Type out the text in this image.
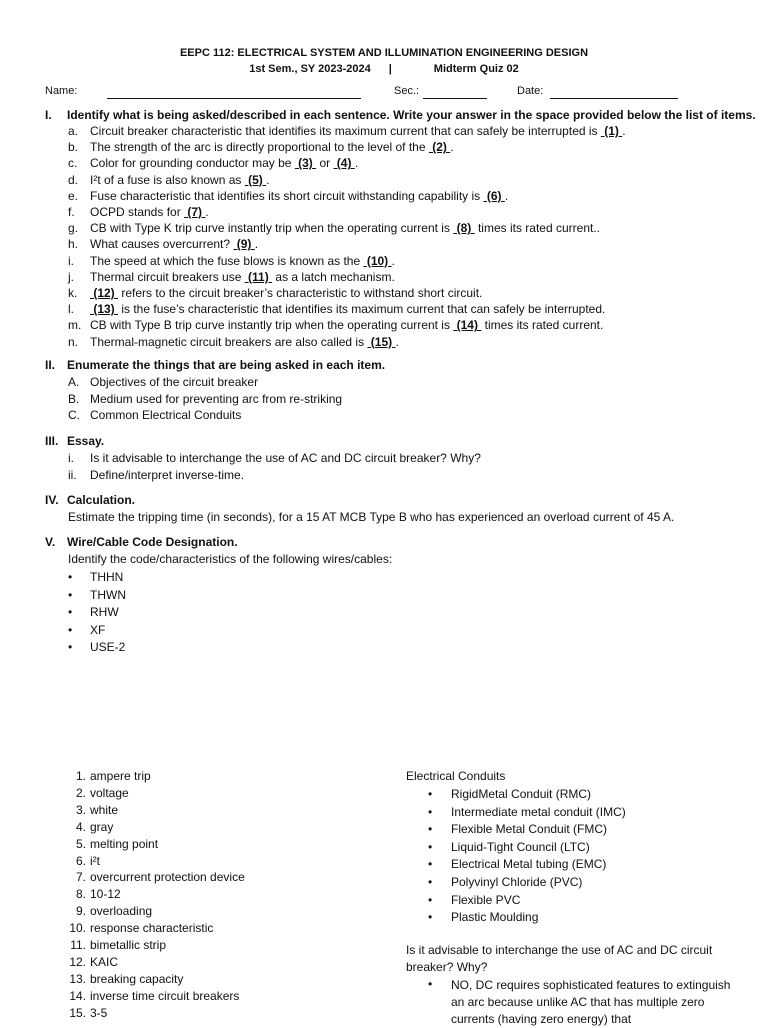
EEPC 112: ELECTRICAL SYSTEM AND ILLUMINATION ENGINEERING DESIGN
1st Sem., SY 2023-2024 |	Midterm Quiz 02
Name:	Sec.:	Date:
I. Identify what is being asked/described in each sentence. Write your answer in the space provided below the list of items.
a. Circuit breaker characteristic that identifies its maximum current that can safely be interrupted is  (1) .
b. The strength of the arc is directly proportional to the level of the  (2) .
c. Color for grounding conductor may be  (3)  or  (4) .
d. I²t of a fuse is also known as  (5) .
e. Fuse characteristic that identifies its short circuit withstanding capability is  (6) .
f. OCPD stands for  (7) .
g. CB with Type K trip curve instantly trip when the operating current is  (8)  times its rated current..
h. What causes overcurrent?  (9) .
i. The speed at which the fuse blows is known as the  (10) .
j. Thermal circuit breakers use  (11)  as a latch mechanism.
k. (12)  refers to the circuit breaker’s characteristic to withstand short circuit.
l. (13)  is the fuse’s characteristic that identifies its maximum current that can safely be interrupted.
m. CB with Type B trip curve instantly trip when the operating current is  (14)  times its rated current.
n. Thermal-magnetic circuit breakers are also called is  (15) .
II. Enumerate the things that are being asked in each item.
A. Objectives of the circuit breaker
B. Medium used for preventing arc from re-striking
C. Common Electrical Conduits
III. Essay.
i. Is it advisable to interchange the use of AC and DC circuit breaker? Why?
ii. Define/interpret inverse-time.
IV. Calculation.
Estimate the tripping time (in seconds), for a 15 AT MCB Type B who has experienced an overload current of 45 A.
V. Wire/Cable Code Designation.
Identify the code/characteristics of the following wires/cables:
• THHN
• THWN
• RHW
• XF
• USE-2
1. ampere trip
2. voltage
3. white
4. gray
5. melting point
6. i²t
7. overcurrent protection device
8. 10-12
9. overloading
10. response characteristic
11. bimetallic strip
12. KAIC
13. breaking capacity
14. inverse time circuit breakers
15. 3-5
Electrical Conduits
• RigidMetal Conduit (RMC)
• Intermediate metal conduit (IMC)
• Flexible Metal Conduit (FMC)
• Liquid-Tight Council (LTC)
• Electrical Metal tubing (EMC)
• Polyvinyl Chloride (PVC)
• Flexible PVC
• Plastic Moulding
Is it advisable to interchange the use of AC and DC circuit breaker? Why?
• NO, DC requires sophisticated features to extinguish an arc because unlike AC that has multiple zero currents (having zero energy) that
